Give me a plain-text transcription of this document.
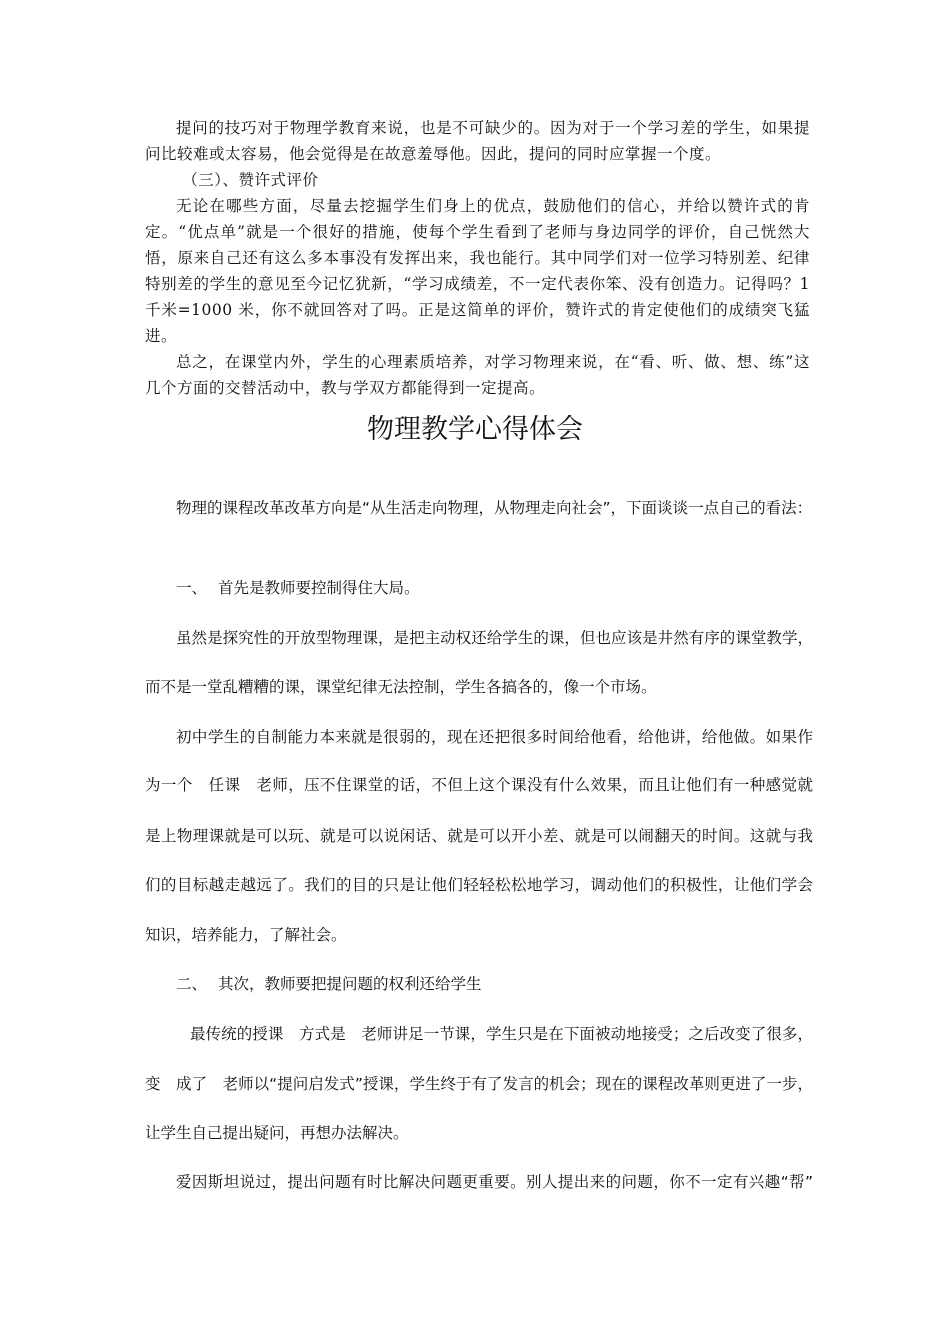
提问的技巧对于物理学教育来说，也是不可缺少的。因为对于一个学习差的学生，如果提问比较难或太容易，他会觉得是在故意羞辱他。因此，提问的同时应掌握一个度。

（三）、赞许式评价

无论在哪些方面，尽量去挖掘学生们身上的优点，鼓励他们的信心，并给以赞许式的肯定。“优点单”就是一个很好的措施，使每个学生看到了老师与身边同学的评价，自己恍然大悟，原来自己还有这么多本事没有发挥出来，我也能行。其中同学们对一位学习特别差、纪律特别差的学生的意见至今记忆犹新，“学习成绩差，不一定代表你笨、没有创造力。记得吗？1 千米=1000 米，你不就回答对了吗。正是这简单的评价，赞许式的肯定使他们的成绩突飞猛进。

总之，在课堂内外，学生的心理素质培养，对学习物理来说，在“看、听、做、想、练”这几个方面的交替活动中，教与学双方都能得到一定提高。

物理教学心得体会
物理的课程改革改革方向是“从生活走向物理，从物理走向社会”，下面谈谈一点自己的看法：
一、 首先是教师要控制得住大局。
虽然是探究性的开放型物理课，是把主动权还给学生的课，但也应该是井然有序的课堂教学，
而不是一堂乱糟糟的课，课堂纪律无法控制，学生各搞各的，像一个市场。
初中学生的自制能力本来就是很弱的，现在还把很多时间给他看，给他讲，给他做。如果作
为一个　任课　老师，压不住课堂的话，不但上这个课没有什么效果，而且让他们有一种感觉就
是上物理课就是可以玩、就是可以说闲话、就是可以开小差、就是可以闹翻天的时间。这就与我
们的目标越走越远了。我们的目的只是让他们轻轻松松地学习，调动他们的积极性，让他们学会
知识，培养能力，了解社会。
二、 其次，教师要把提问题的权利还给学生
最传统的授课　方式是　老师讲足一节课，学生只是在下面被动地接受；之后改变了很多，
变　成了　老师以“提问启发式”授课，学生终于有了发言的机会；现在的课程改革则更进了一步，
让学生自己提出疑问，再想办法解决。
爱因斯坦说过，提出问题有时比解决问题更重要。别人提出来的问题，你不一定有兴趣“帮”
